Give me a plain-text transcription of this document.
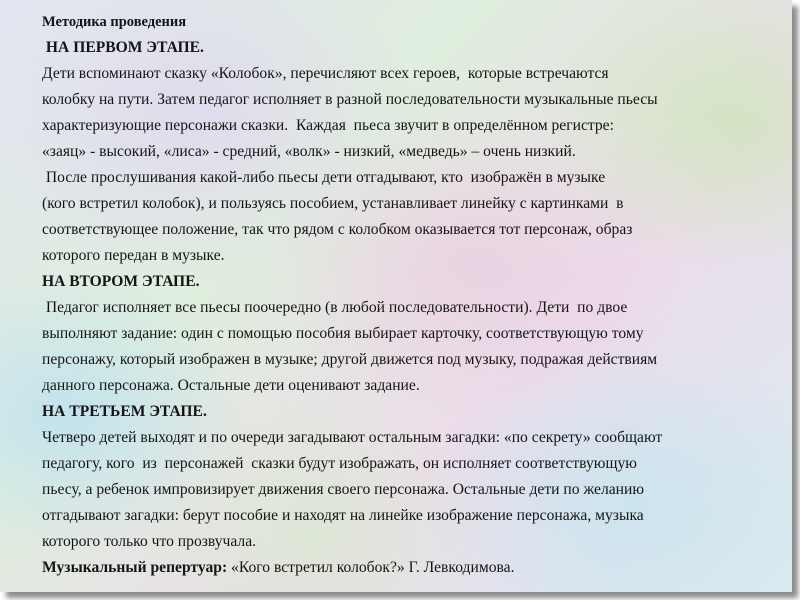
Методика проведения
НА ПЕРВОМ ЭТАПЕ.
Дети вспоминают сказку «Колобок», перечисляют всех героев,  которые встречаются
колобку на пути. Затем педагог исполняет в разной последовательности музыкальные пьесы
характеризующие персонажи сказки.  Каждая  пьеса звучит в определённом регистре:
«заяц» - высокий, «лиса» - средний, «волк» - низкий, «медведь» – очень низкий.
После прослушивания какой-либо пьесы дети отгадывают, кто  изображён в музыке
(кого встретил колобок), и пользуясь пособием, устанавливает линейку с картинками  в
соответствующее положение, так что рядом с колобком оказывается тот персонаж, образ
которого передан в музыке.
НА ВТОРОМ ЭТАПЕ.
Педагог исполняет все пьесы поочередно (в любой последовательности). Дети  по двое
выполняют задание: один с помощью пособия выбирает карточку, соответствующую тому
персонажу, который изображен в музыке; другой движется под музыку, подражая действиям
данного персонажа. Остальные дети оценивают задание.
НА ТРЕТЬЕМ ЭТАПЕ.
Четверо детей выходят и по очереди загадывают остальным загадки: «по секрету» сообщают
педагогу, кого  из  персонажей  сказки будут изображать, он исполняет соответствующую
пьесу, а ребенок импровизирует движения своего персонажа. Остальные дети по желанию
отгадывают загадки: берут пособие и находят на линейке изображение персонажа, музыка
которого только что прозвучала.
Музыкальный репертуар: «Кого встретил колобок?» Г. Левкодимова.
